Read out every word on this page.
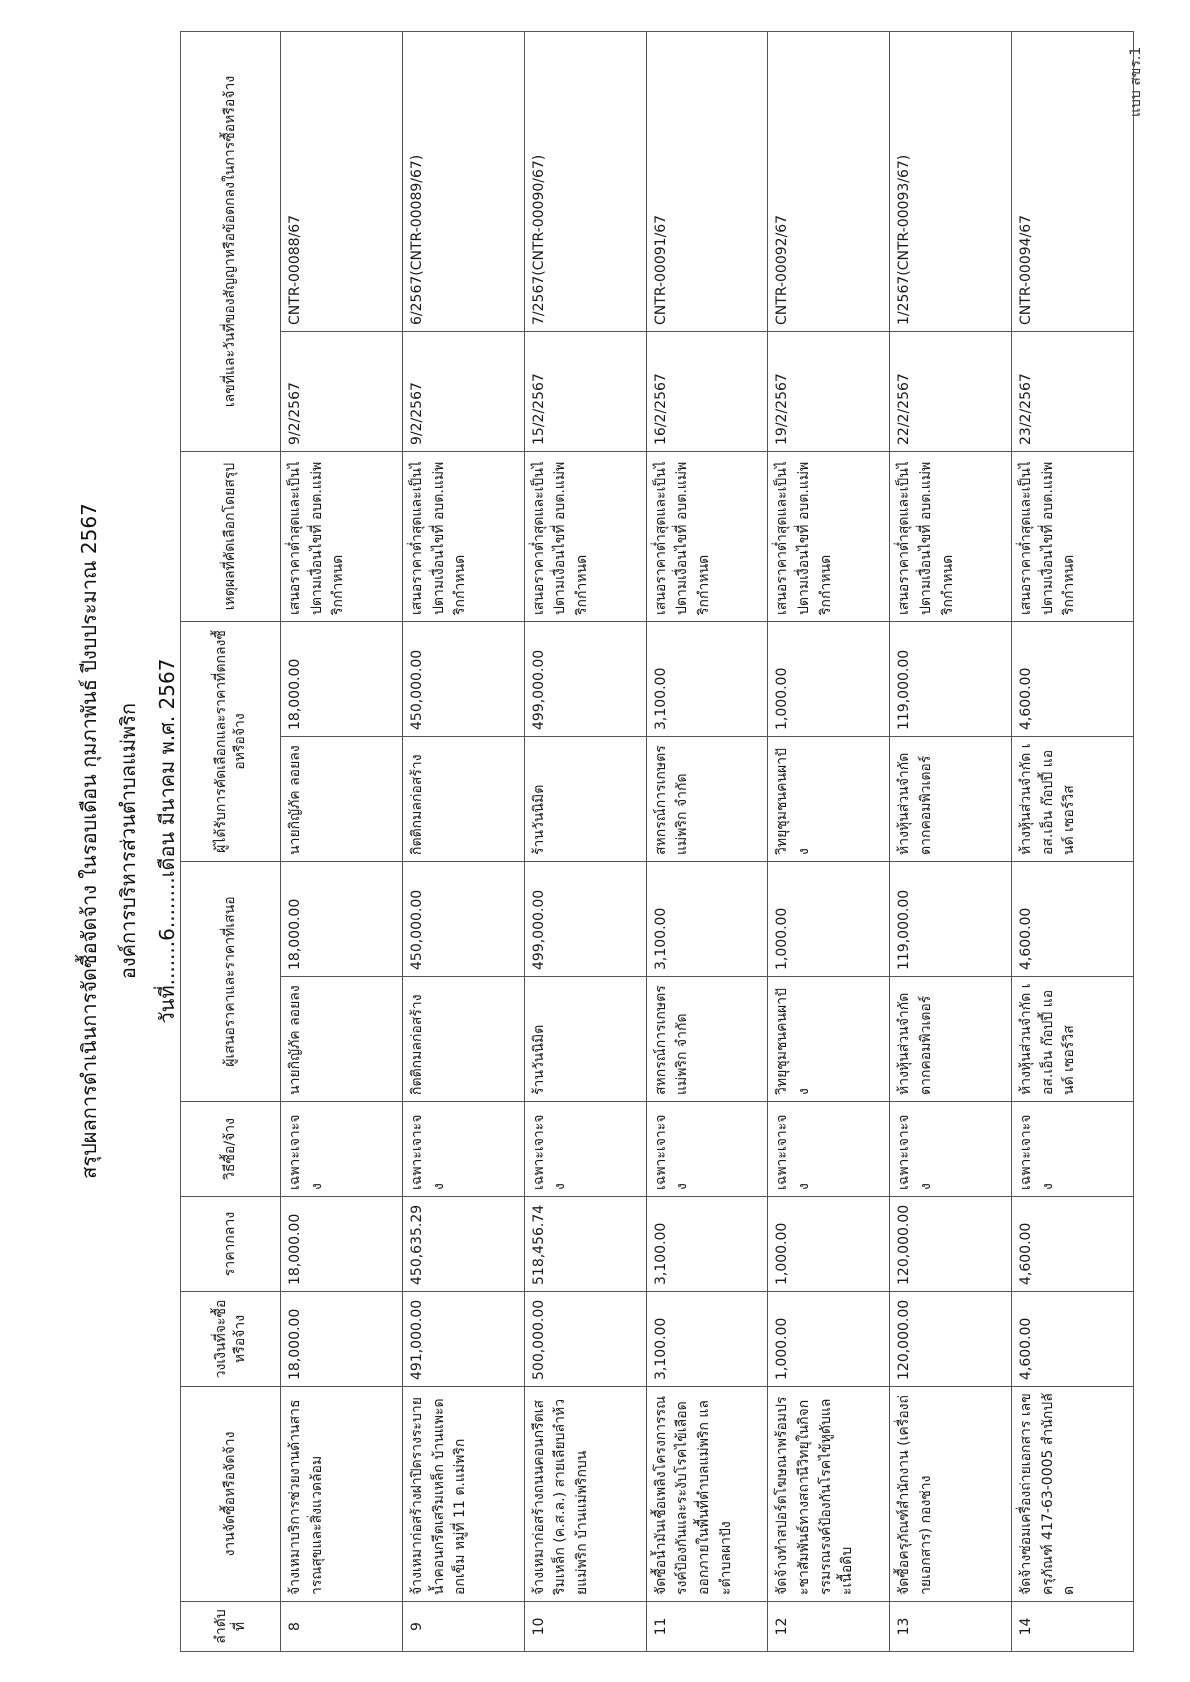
แบบ สขร.1
สรุปผลการดำเนินการจัดซื้อจัดจ้าง ในรอบเดือน กุมภาพันธ์ ปีงบประมาณ 2567 องค์การบริหารส่วนตำบลแม่พริก วันที่.......6........เดือน มีนาคม พ.ศ. 2567
ลำดับที่	งานจัดซื้อหรือจัดจ้าง	วงเงินที่จะซื้อหรือจ้าง	ราคากลาง	วิธีซื้อ/จ้าง	ผู้เสนอราคาและราคาที่เสนอ		ผู้ได้รับการคัดเลือกและราคาที่ตกลงซื้อหรือจ้าง		เหตุผลที่คัดเลือกโดยสรุป	เลขที่และวันที่ของสัญญาหรือข้อตกลงในการซื้อหรือจ้าง	
8	จ้างเหมาบริการช่วยงานด้านสาธารณสุขและสิ่งแวดล้อม	18,000.00	18,000.00	เฉพาะเจาะจง	นายกิญัภัค ลอยลง	18,000.00	นายกิญัภัค ลอยลง	18,000.00	เสนอราคาต่ำสุดและเป็นไปตามเงื่อนไขที่ อบต.แม่พริกกำหนด	9/2/2567	CNTR-00088/67
9	จ้างเหมาก่อสร้างฝาปิดรางระบายน้ำคอนกรีตเสริมเหล็ก บ้านแพะดอกเข็ม หมู่ที่ 11 ต.แม่พริก	491,000.00	450,635.29	เฉพาะเจาะจง	กิตติกมลก่อสร้าง	450,000.00	กิตติกมลก่อสร้าง	450,000.00	เสนอราคาต่ำสุดและเป็นไปตามเงื่อนไขที่ อบต.แม่พริกกำหนด	9/2/2567	6/2567(CNTR-00089/67)
10	จ้างเหมาก่อสร้างถนนคอนกรีตเสริมเหล็ก (ค.ส.ล.) สายเลียบลำห้วยแม่พริก บ้านแม่พริกบน	500,000.00	518,456.74	เฉพาะเจาะจง	ร้านวันนิมิต	499,000.00	ร้านวันนิมิต	499,000.00	เสนอราคาต่ำสุดและเป็นไปตามเงื่อนไขที่ อบต.แม่พริกกำหนด	15/2/2567	7/2567(CNTR-00090/67)
11	จัดซื้อน้ำมันเชื้อเพลิงโครงการรณรงค์ป้องกันและระงับโรคไข้เลือดออกภายในพื้นที่ตำบลแม่พริก และตำบลผาปัง	3,100.00	3,100.00	เฉพาะเจาะจง	สหกรณ์การเกษตรแม่พริก จำกัด	3,100.00	สหกรณ์การเกษตรแม่พริก จำกัด	3,100.00	เสนอราคาต่ำสุดและเป็นไปตามเงื่อนไขที่ อบต.แม่พริกกำหนด	16/2/2567	CNTR-00091/67
12	จัดจ้างทำสปอร์ตโฆษณาพร้อมประชาสัมพันธ์ทางสถานีวิทยุในกิจกรรมรณรงค์ป้องกันโรคไข้หูดับและเนื้อดิบ	1,000.00	1,000.00	เฉพาะเจาะจง	วิทยุชุมชนคนผาปัง	1,000.00	วิทยุชุมชนคนผาปัง	1,000.00	เสนอราคาต่ำสุดและเป็นไปตามเงื่อนไขที่ อบต.แม่พริกกำหนด	19/2/2567	CNTR-00092/67
13	จัดซื้อครุภัณฑ์สำนักงาน (เครื่องถ่ายเอกสาร) กองช่าง	120,000.00	120,000.00	เฉพาะเจาะจง	ห้างหุ้นส่วนจำกัด ตากคอมพิวเตอร์	119,000.00	ห้างหุ้นส่วนจำกัด ตากคอมพิวเตอร์	119,000.00	เสนอราคาต่ำสุดและเป็นไปตามเงื่อนไขที่ อบต.แม่พริกกำหนด	22/2/2567	1/2567(CNTR-00093/67)
14	จัดจ้างซ่อมเครื่องถ่ายเอกสาร เลขครุภัณฑ์ 417-63-0005 สำนักปลัด	4,600.00	4,600.00	เฉพาะเจาะจง	ห้างหุ้นส่วนจำกัด เอส.เอ็น ก๊อปปี้ แอนด์ เซอร์วิส	4,600.00	ห้างหุ้นส่วนจำกัด เอส.เอ็น ก๊อปปี้ แอนด์ เซอร์วิส	4,600.00	เสนอราคาต่ำสุดและเป็นไปตามเงื่อนไขที่ อบต.แม่พริกกำหนด	23/2/2567	CNTR-00094/67
